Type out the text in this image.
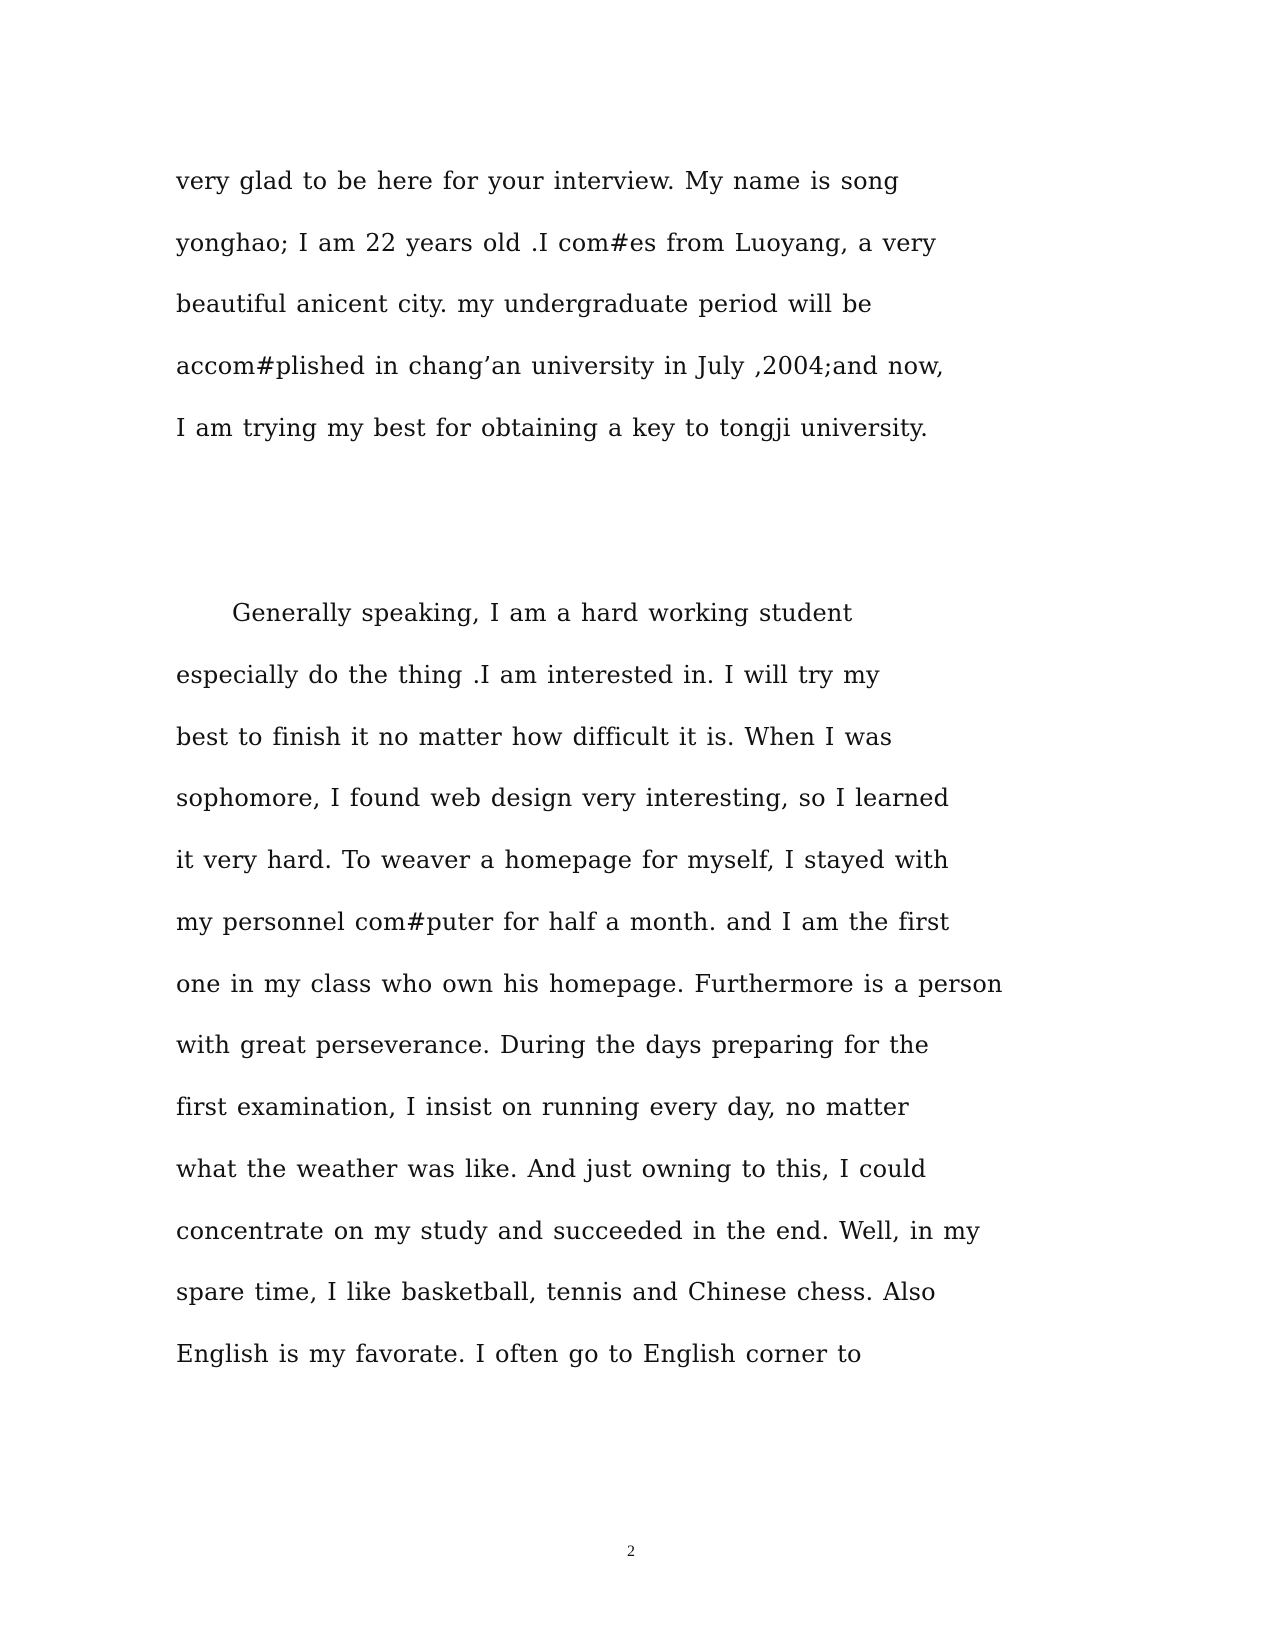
very glad to be here for your interview. My name is song
yonghao; I am 22 years old .I com#es from Luoyang, a very
beautiful anicent city. my undergraduate period will be
accom#plished in chang’an university in July ,2004;and now,
I am trying my best for obtaining a key to tongji university.
Generally speaking, I am a hard working student
especially do the thing .I am interested in. I will try my
best to finish it no matter how difficult it is. When I was
sophomore, I found web design very interesting, so I learned
it very hard. To weaver a homepage for myself, I stayed with
my personnel com#puter for half a month. and I am the first
one in my class who own his homepage. Furthermore is a person
with great perseverance. During the days preparing for the
first examination, I insist on running every day, no matter
what the weather was like. And just owning to this, I could
concentrate on my study and succeeded in the end. Well, in my
spare time, I like basketball, tennis and Chinese chess. Also
English is my favorate. I often go to English corner to
2
